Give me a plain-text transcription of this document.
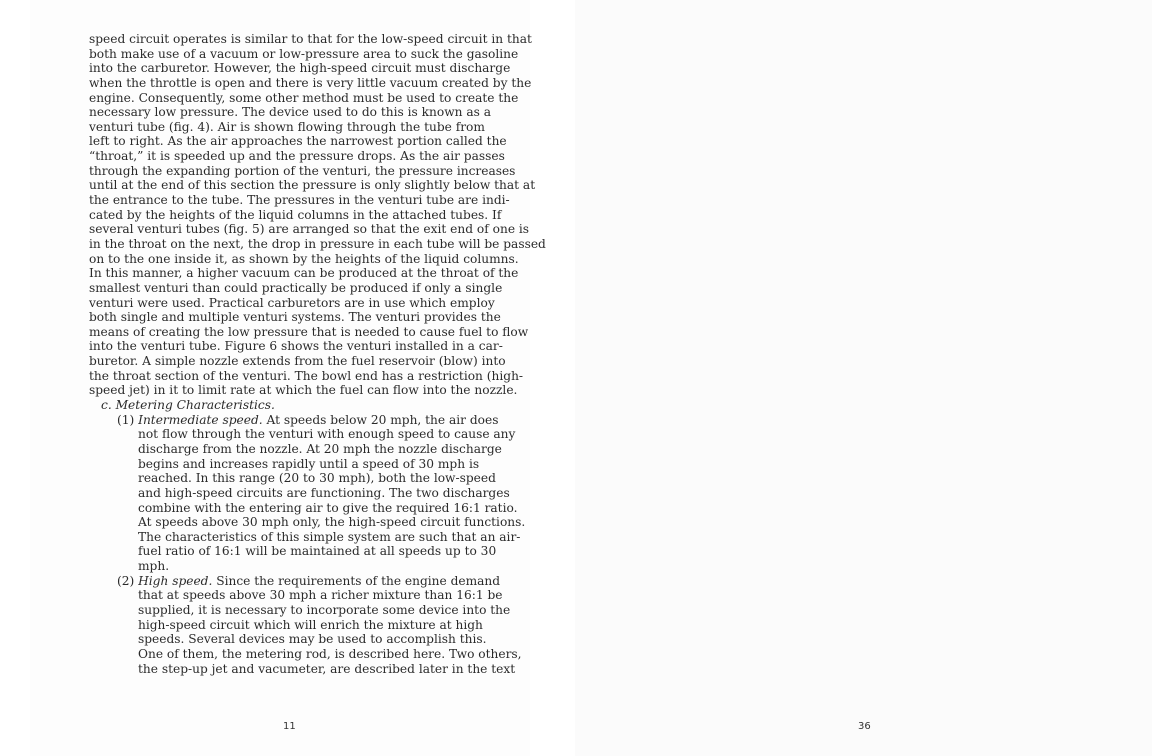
speed circuit operates is similar to that for the low-speed circuit in that
both make use of a vacuum or low-pressure area to suck the gasoline
into the carburetor. However, the high-speed circuit must discharge
when the throttle is open and there is very little vacuum created by the
engine. Consequently, some other method must be used to create the
necessary low pressure. The device used to do this is known as a
venturi tube (fig. 4). Air is shown flowing through the tube from
left to right. As the air approaches the narrowest portion called the
“throat,” it is speeded up and the pressure drops. As the air passes
through the expanding portion of the venturi, the pressure increases
until at the end of this section the pressure is only slightly below that at
the entrance to the tube. The pressures in the venturi tube are indi-
cated by the heights of the liquid columns in the attached tubes. If
several venturi tubes (fig. 5) are arranged so that the exit end of one is
in the throat on the next, the drop in pressure in each tube will be passed
on to the one inside it, as shown by the heights of the liquid columns.
In this manner, a higher vacuum can be produced at the throat of the
smallest venturi than could practically be produced if only a single
venturi were used. Practical carburetors are in use which employ
both single and multiple venturi systems. The venturi provides the
means of creating the low pressure that is needed to cause fuel to flow
into the venturi tube. Figure 6 shows the venturi installed in a car-
buretor. A simple nozzle extends from the fuel reservoir (blow) into
the throat section of the venturi. The bowl end has a restriction (high-
speed jet) in it to limit rate at which the fuel can flow into the nozzle.
c. Metering Characteristics.
(1) Intermediate speed. At speeds below 20 mph, the air does
not flow through the venturi with enough speed to cause any
discharge from the nozzle. At 20 mph the nozzle discharge
begins and increases rapidly until a speed of 30 mph is
reached. In this range (20 to 30 mph), both the low-speed
and high-speed circuits are functioning. The two discharges
combine with the entering air to give the required 16:1 ratio.
At speeds above 30 mph only, the high-speed circuit functions.
The characteristics of this simple system are such that an air-
fuel ratio of 16:1 will be maintained at all speeds up to 30
mph.
(2) High speed. Since the requirements of the engine demand
that at speeds above 30 mph a richer mixture than 16:1 be
supplied, it is necessary to incorporate some device into the
high-speed circuit which will enrich the mixture at high
speeds. Several devices may be used to accomplish this.
One of them, the metering rod, is described here. Two others,
the step-up jet and vacumeter, are described later in the text
11	36
